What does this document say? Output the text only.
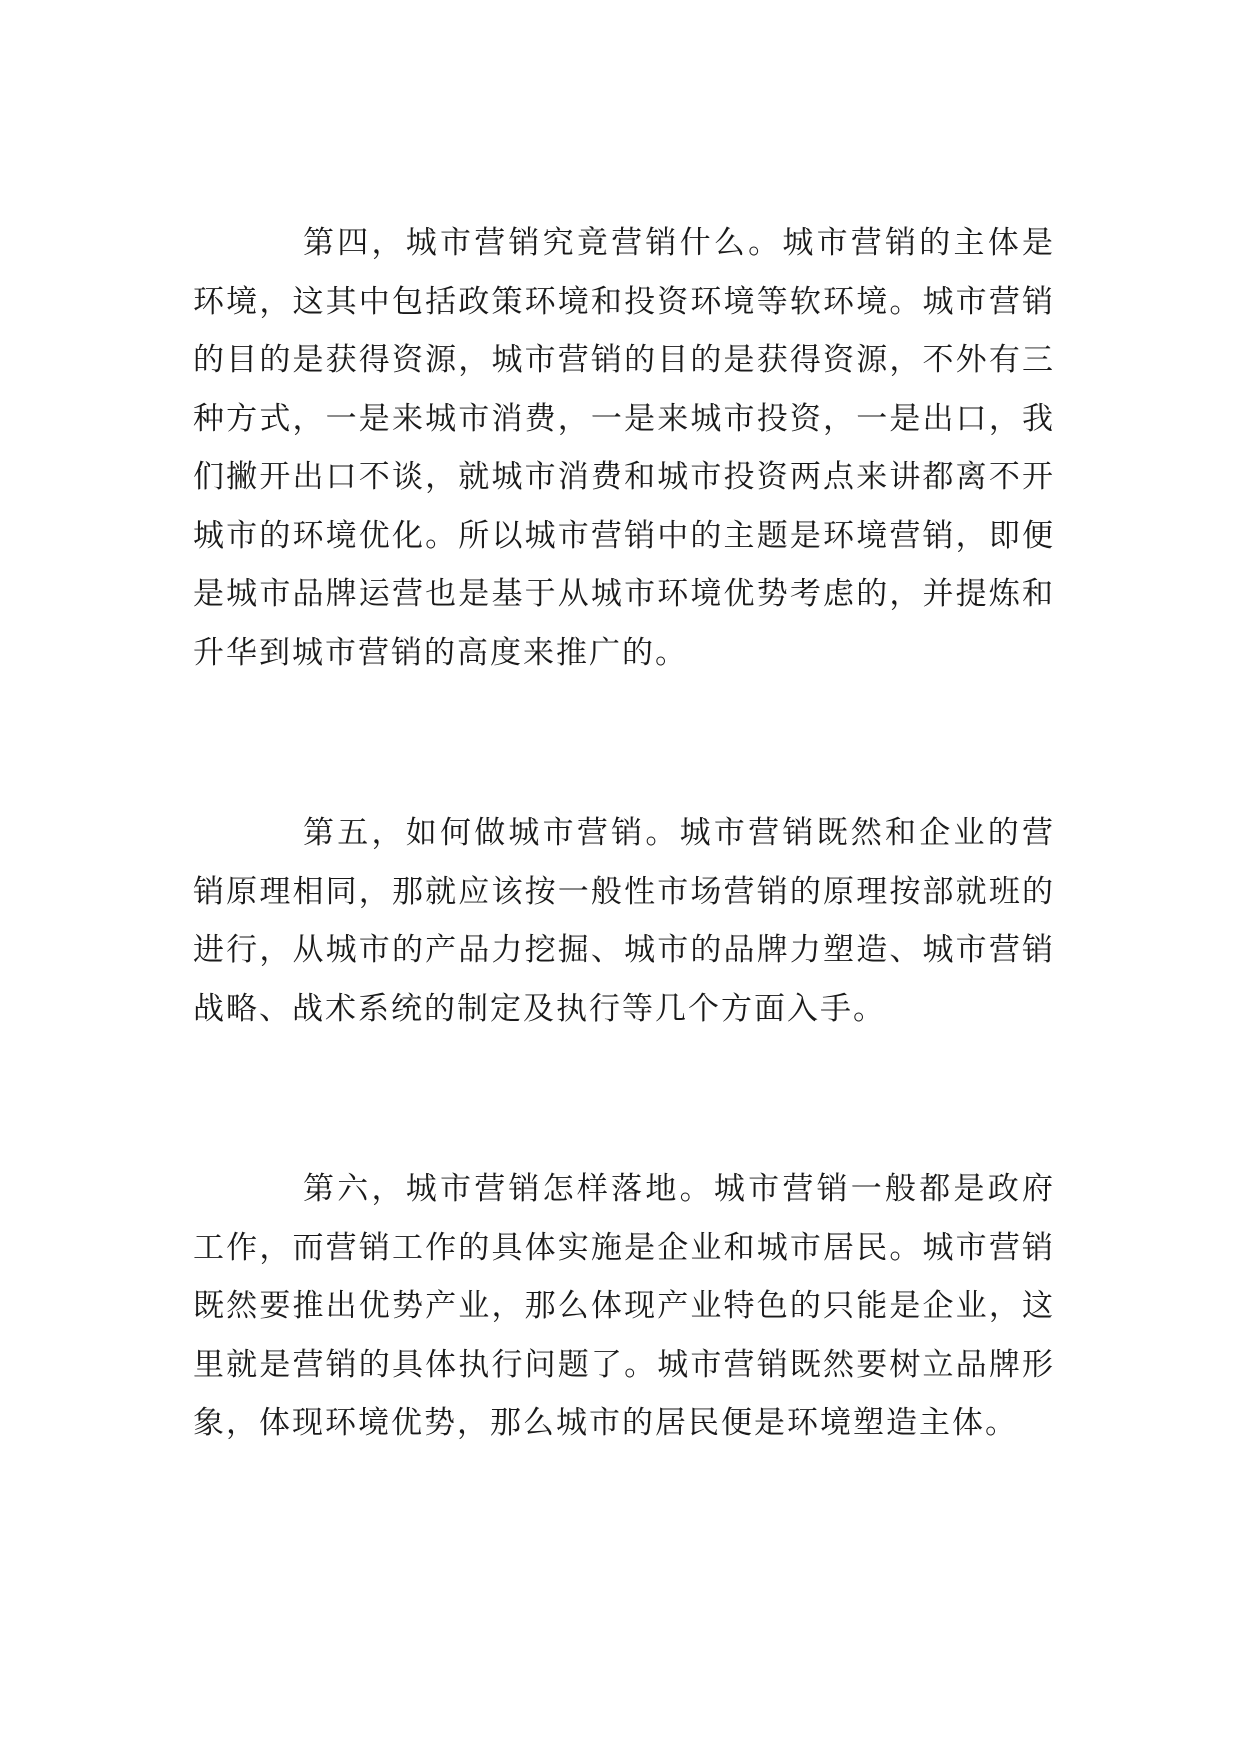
第四，城市营销究竟营销什么。城市营销的主体是环境，这其中包括政策环境和投资环境等软环境。城市营销的目的是获得资源，城市营销的目的是获得资源，不外有三种方式，一是来城市消费，一是来城市投资，一是出口，我们撇开出口不谈，就城市消费和城市投资两点来讲都离不开城市的环境优化。所以城市营销中的主题是环境营销，即便是城市品牌运营也是基于从城市环境优势考虑的，并提炼和升华到城市营销的高度来推广的。

第五，如何做城市营销。城市营销既然和企业的营销原理相同，那就应该按一般性市场营销的原理按部就班的进行，从城市的产品力挖掘、城市的品牌力塑造、城市营销战略、战术系统的制定及执行等几个方面入手。

第六，城市营销怎样落地。城市营销一般都是政府工作，而营销工作的具体实施是企业和城市居民。城市营销既然要推出优势产业，那么体现产业特色的只能是企业，这里就是营销的具体执行问题了。城市营销既然要树立品牌形象，体现环境优势，那么城市的居民便是环境塑造主体。
